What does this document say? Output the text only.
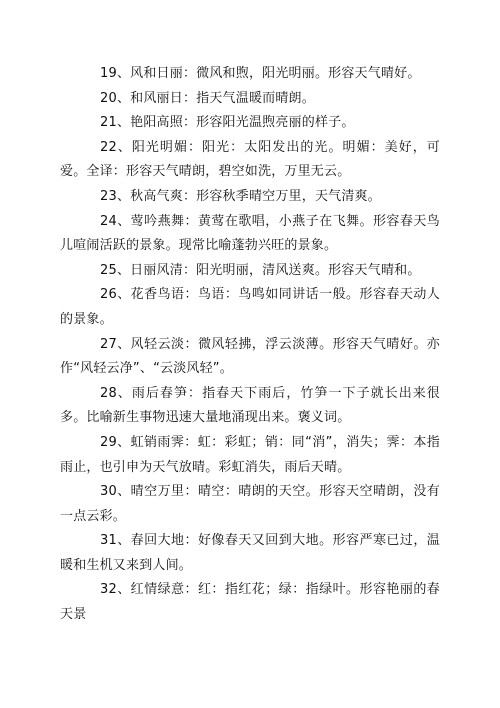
19、风和日丽：微风和煦，阳光明丽。形容天气晴好。

20、和风丽日：指天气温暖而晴朗。

21、艳阳高照：形容阳光温煦亮丽的样子。

22、阳光明媚：阳光：太阳发出的光。明媚：美好，可爱。全译：形容天气晴朗，碧空如洗，万里无云。

23、秋高气爽：形容秋季晴空万里，天气清爽。

24、莺吟燕舞：黄莺在歌唱，小燕子在飞舞。形容春天鸟儿喧闹活跃的景象。现常比喻蓬勃兴旺的景象。

25、日丽风清：阳光明丽，清风送爽。形容天气晴和。

26、花香鸟语：鸟语：鸟鸣如同讲话一般。形容春天动人的景象。

27、风轻云淡：微风轻拂，浮云淡薄。形容天气晴好。亦作“风轻云净”、“云淡风轻”。

28、雨后春笋：指春天下雨后，竹笋一下子就长出来很多。比喻新生事物迅速大量地涌现出来。褒义词。

29、虹销雨霁：虹：彩虹；销：同“消”，消失；霁：本指雨止，也引申为天气放晴。彩虹消失，雨后天晴。

30、晴空万里：晴空：晴朗的天空。形容天空晴朗，没有一点云彩。

31、春回大地：好像春天又回到大地。形容严寒已过，温暖和生机又来到人间。

32、红情绿意：红：指红花；绿：指绿叶。形容艳丽的春天景
